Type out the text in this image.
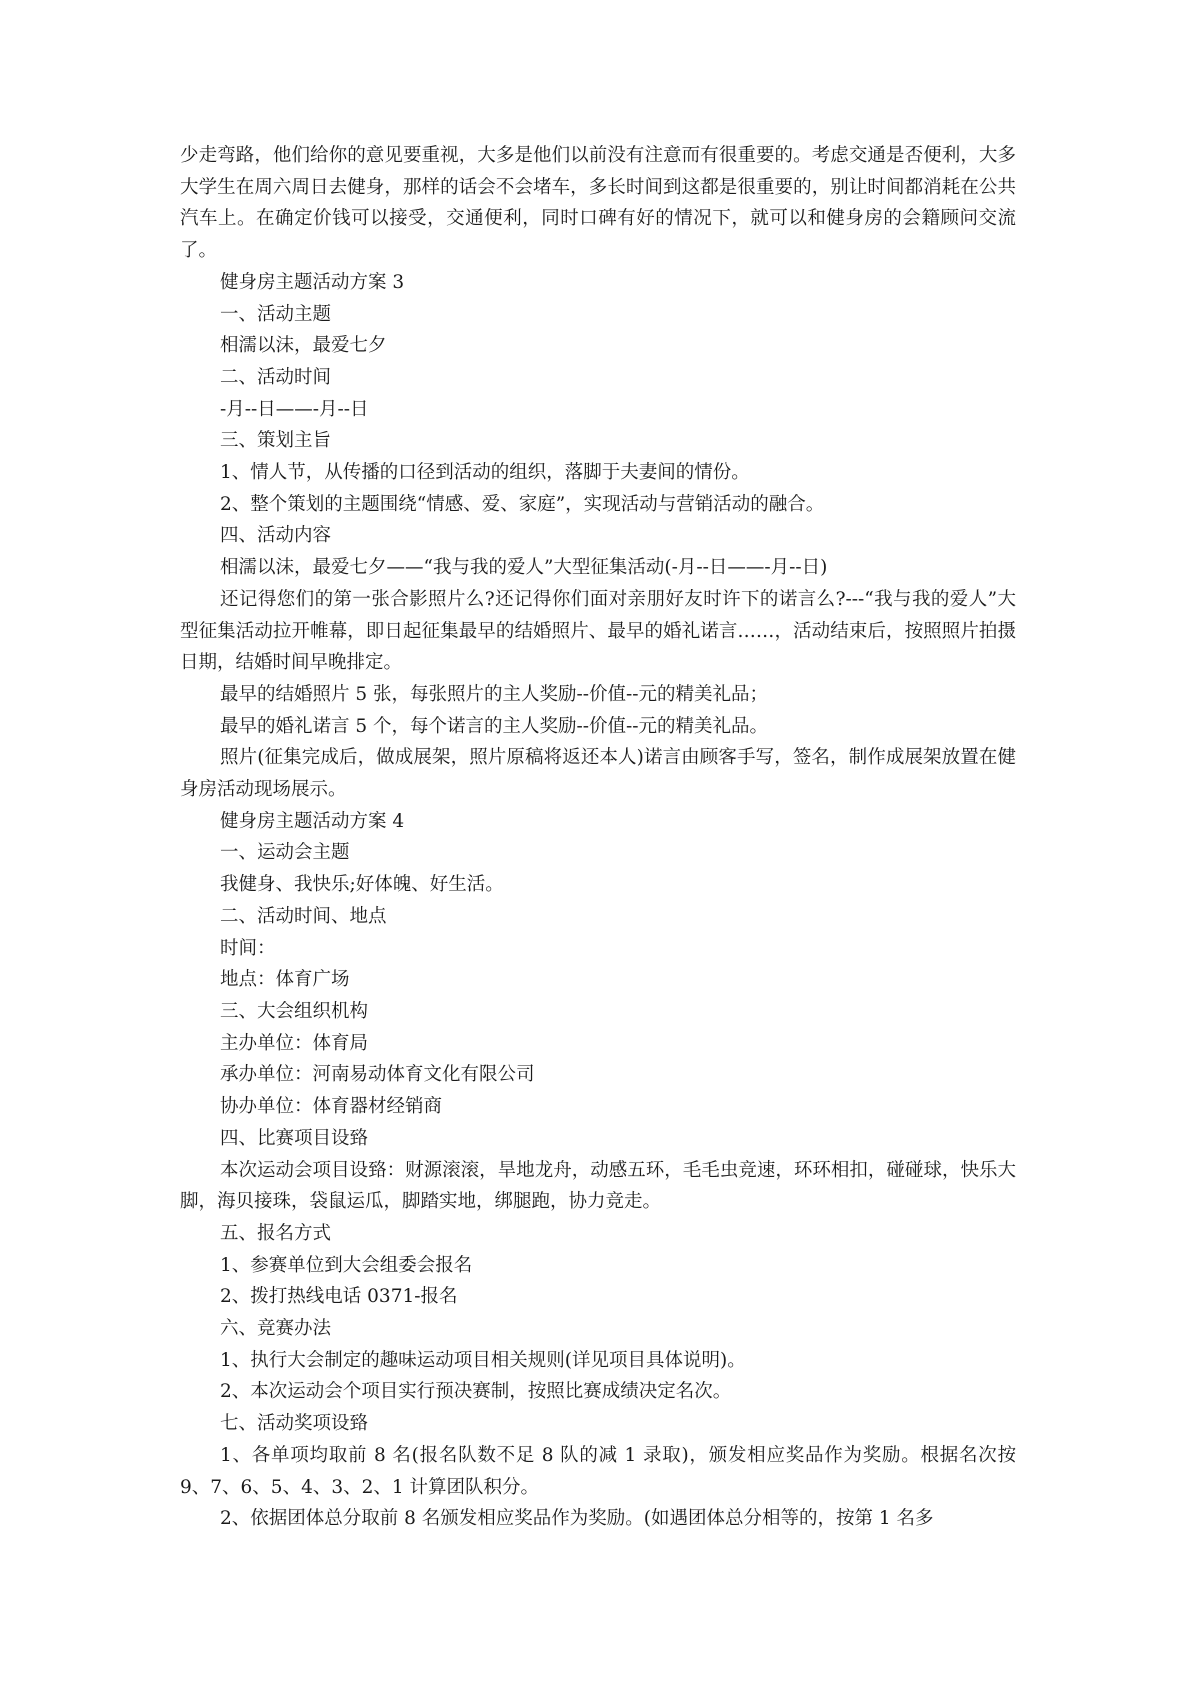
少走弯路，他们给你的意见要重视，大多是他们以前没有注意而有很重要的。考虑交通是否便利，大多大学生在周六周日去健身，那样的话会不会堵车，多长时间到这都是很重要的，别让时间都消耗在公共汽车上。在确定价钱可以接受，交通便利，同时口碑有好的情况下，就可以和健身房的会籍顾问交流了。

健身房主题活动方案 3

一、活动主题

相濡以沫，最爱七夕

二、活动时间

-月--日——-月--日

三、策划主旨

1、情人节，从传播的口径到活动的组织，落脚于夫妻间的情份。

2、整个策划的主题围绕“情感、爱、家庭”，实现活动与营销活动的融合。

四、活动内容

相濡以沫，最爱七夕——“我与我的爱人”大型征集活动(-月--日——-月--日)

还记得您们的第一张合影照片么?还记得你们面对亲朋好友时许下的诺言么?---“我与我的爱人”大型征集活动拉开帷幕，即日起征集最早的结婚照片、最早的婚礼诺言……，活动结束后，按照照片拍摄日期，结婚时间早晚排定。

最早的结婚照片 5 张，每张照片的主人奖励--价值--元的精美礼品；

最早的婚礼诺言 5 个，每个诺言的主人奖励--价值--元的精美礼品。

照片(征集完成后，做成展架，照片原稿将返还本人)诺言由顾客手写，签名，制作成展架放置在健身房活动现场展示。

健身房主题活动方案 4

一、运动会主题

我健身、我快乐;好体魄、好生活。

二、活动时间、地点

时间：

地点：体育广场

三、大会组织机构

主办单位：体育局

承办单位：河南易动体育文化有限公司

协办单位：体育器材经销商

四、比赛项目设臵

本次运动会项目设臵：财源滚滚，旱地龙舟，动感五环，毛毛虫竞速，环环相扣，碰碰球，快乐大脚，海贝接珠，袋鼠运瓜，脚踏实地，绑腿跑，协力竞走。

五、报名方式

1、参赛单位到大会组委会报名

2、拨打热线电话 0371-报名

六、竞赛办法

1、执行大会制定的趣味运动项目相关规则(详见项目具体说明)。

2、本次运动会个项目实行预决赛制，按照比赛成绩决定名次。

七、活动奖项设臵

1、各单项均取前 8 名(报名队数不足 8 队的减 1 录取)，颁发相应奖品作为奖励。根据名次按 9、7、6、5、4、3、2、1 计算团队积分。

2、依据团体总分取前 8 名颁发相应奖品作为奖励。(如遇团体总分相等的，按第 1 名多
